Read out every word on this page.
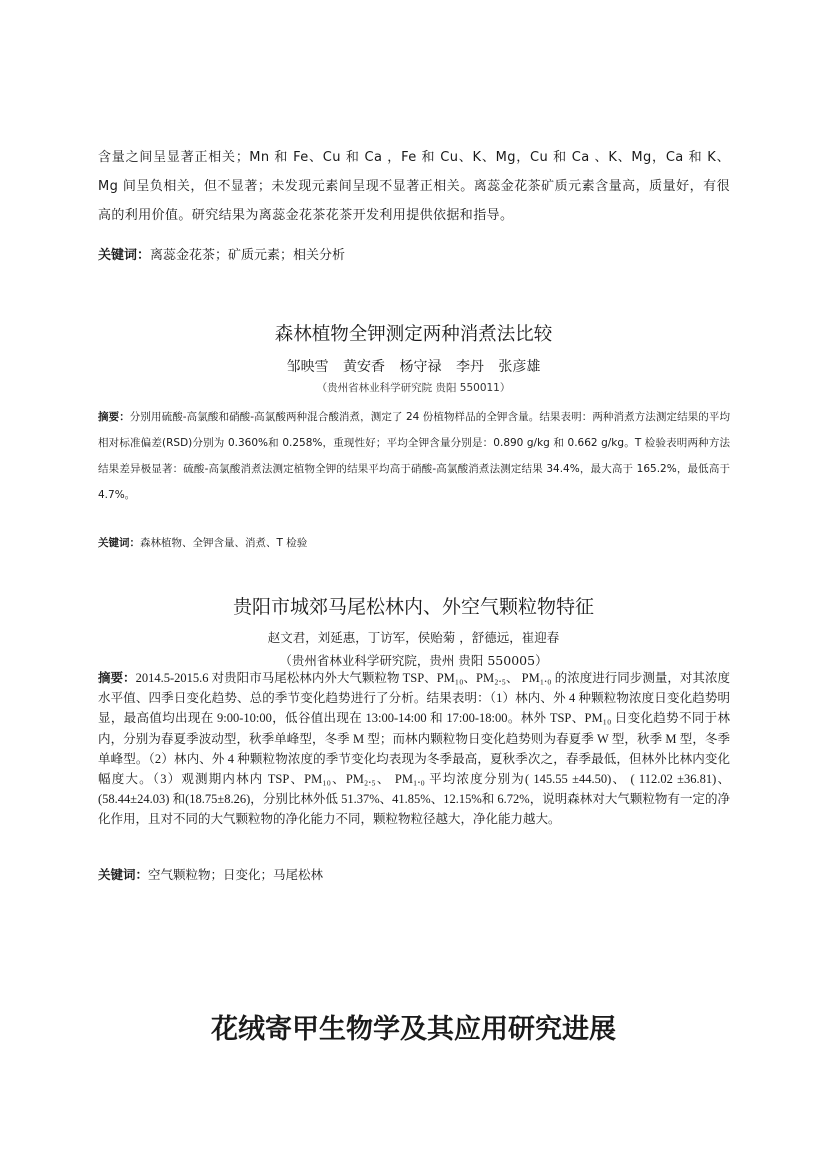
含量之间呈显著正相关；Mn 和 Fe、Cu 和 Ca ，Fe 和 Cu、K、Mg，Cu 和 Ca 、K、Mg，Ca 和 K、Mg 间呈负相关，但不显著；未发现元素间呈现不显著正相关。离蕊金花茶矿质元素含量高，质量好，有很高的利用价值。研究结果为离蕊金花茶花茶开发利用提供依据和指导。
关键词：离蕊金花茶；矿质元素；相关分析
森林植物全钾测定两种消煮法比较
邹映雪 黄安香 杨守禄 李丹 张彦雄
（贵州省林业科学研究院 贵阳 550011）
摘要：分别用硫酸-高氯酸和硝酸-高氯酸两种混合酸消煮，测定了 24 份植物样品的全钾含量。结果表明：两种消煮方法测定结果的平均相对标准偏差(RSD)分别为 0.360%和 0.258%，重现性好；平均全钾含量分别是：0.890 g/kg 和 0.662 g/kg。T 检验表明两种方法结果差异极显著：硫酸-高氯酸消煮法测定植物全钾的结果平均高于硝酸-高氯酸消煮法测定结果 34.4%，最大高于 165.2%，最低高于 4.7%。
关键词：森林植物、全钾含量、消煮、T 检验
贵阳市城郊马尾松林内、外空气颗粒物特征
赵文君，刘延惠，丁访军，侯贻菊 ，舒德远，崔迎春
（贵州省林业科学研究院，贵州 贵阳 550005）
摘要：2014.5-2015.6 对贵阳市马尾松林内外大气颗粒物 TSP、PM₁₀、PM₂.₅、 PM₁.₀ 的浓度进行同步测量，对其浓度水平值、四季日变化趋势、总的季节变化趋势进行了分析。结果表明：（1）林内、外 4 种颗粒物浓度日变化趋势明显，最高值均出现在 9:00-10:00，低谷值出现在 13:00-14:00 和 17:00-18:00。林外 TSP、PM₁₀ 日变化趋势不同于林内，分别为春夏季波动型，秋季单峰型，冬季 M 型；而林内颗粒物日变化趋势则为春夏季 W 型，秋季 M 型，冬季单峰型。（2）林内、外 4 种颗粒物浓度的季节变化均表现为冬季最高，夏秋季次之，春季最低，但林外比林内变化幅度大。（3）观测期内林内 TSP、PM₁₀、PM₂.₅、 PM₁.₀ 平均浓度分别为( 145.55 ±44.50)、 ( 112.02 ±36.81)、 (58.44±24.03) 和(18.75±8.26)，分别比林外低 51.37%、41.85%、12.15%和 6.72%，说明森林对大气颗粒物有一定的净化作用，且对不同的大气颗粒物的净化能力不同，颗粒物粒径越大，净化能力越大。
关键词：空气颗粒物；日变化；马尾松林
花绒寄甲生物学及其应用研究进展
